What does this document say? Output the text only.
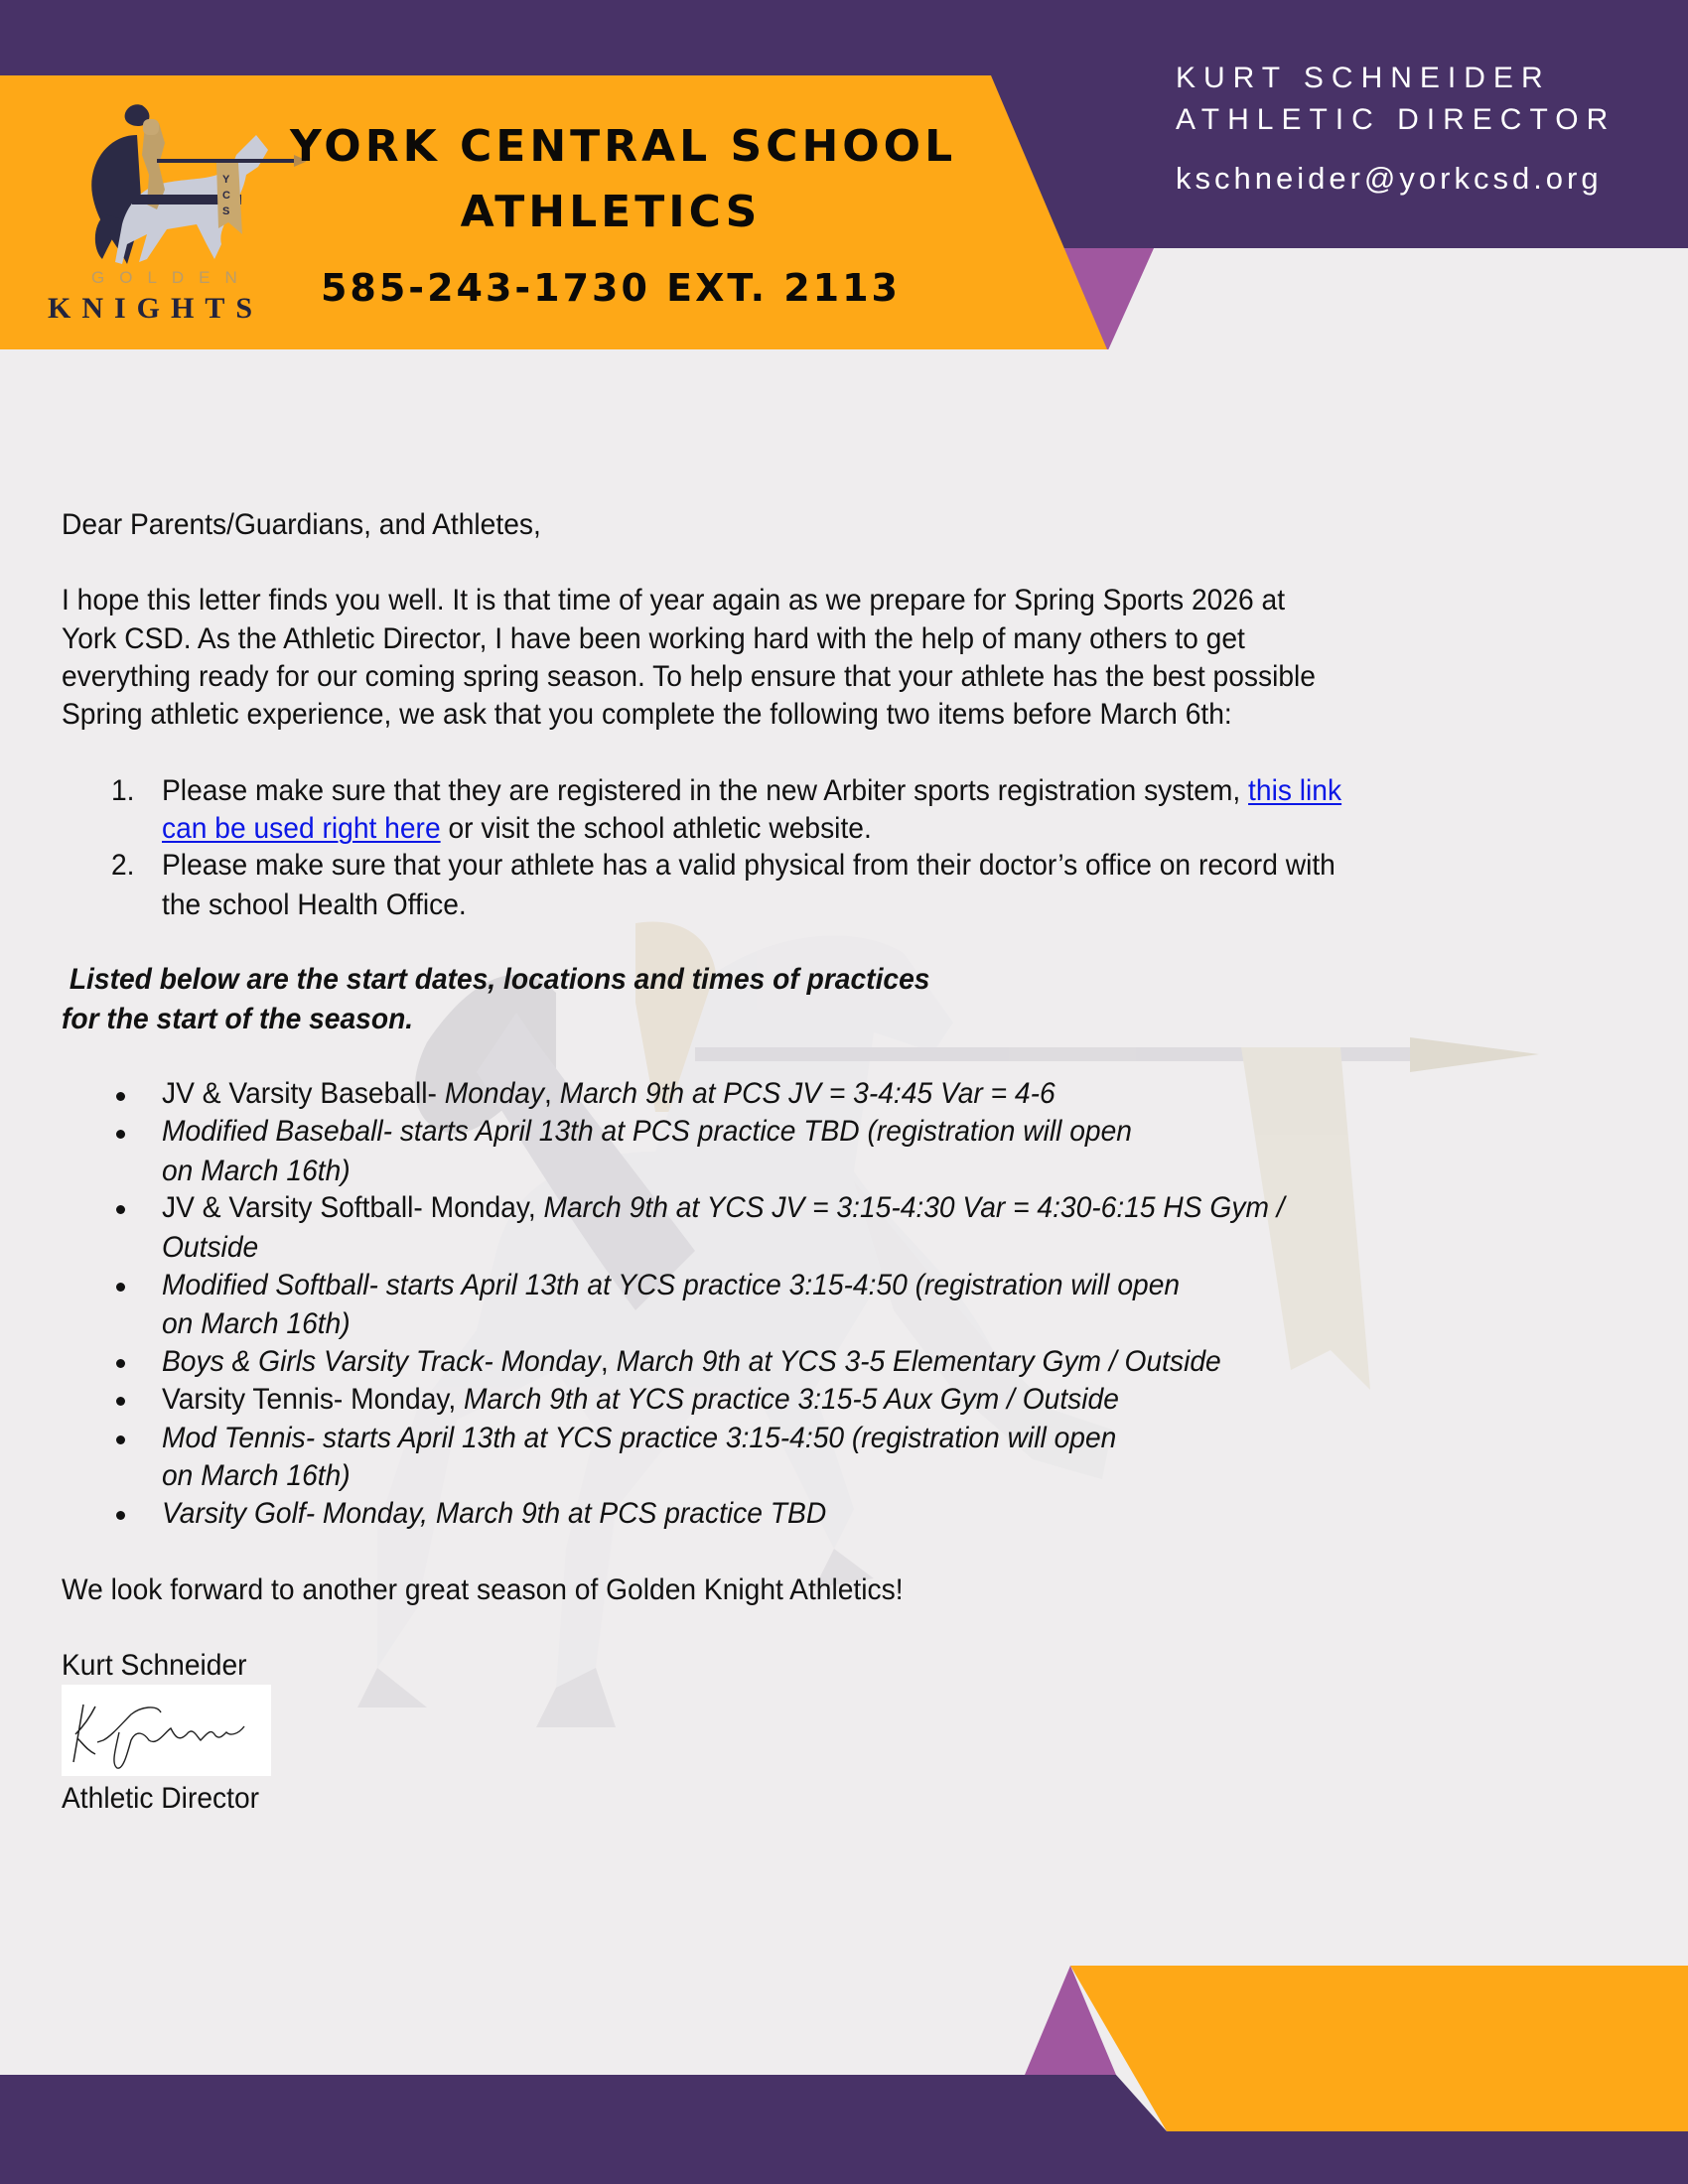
Y
C
S
GOLDEN
KNIGHTS
YORK CENTRAL SCHOOL
ATHLETICS
585-243-1730 EXT. 2113
KURT SCHNEIDER
ATHLETIC DIRECTOR
kschneider@yorkcsd.org
Dear Parents/Guardians, and Athletes,
I hope this letter finds you well. It is that time of year again as we prepare for Spring Sports 2026 at
York CSD. As the Athletic Director, I have been working hard with the help of many others to get
everything ready for our coming spring season. To help ensure that your athlete has the best possible
Spring athletic experience, we ask that you complete the following two items before March 6th:
1. Please make sure that they are registered in the new Arbiter sports registration system, this link
can be used right here or visit the school athletic website.
2. Please make sure that your athlete has a valid physical from their doctor’s office on record with
the school Health Office.
Listed below are the start dates, locations and times of practices
for the start of the season.
JV & Varsity Baseball- Monday, March 9th at PCS JV = 3-4:45 Var = 4-6
Modified Baseball- starts April 13th at PCS practice TBD (registration will open
on March 16th)
JV & Varsity Softball- Monday, March 9th at YCS JV = 3:15-4:30 Var = 4:30-6:15 HS Gym /
Outside
Modified Softball- starts April 13th at YCS practice 3:15-4:50 (registration will open
on March 16th)
Boys & Girls Varsity Track- Monday, March 9th at YCS 3-5 Elementary Gym / Outside
Varsity Tennis- Monday, March 9th at YCS practice 3:15-5 Aux Gym / Outside
Mod Tennis- starts April 13th at YCS practice 3:15-4:50 (registration will open
on March 16th)
Varsity Golf- Monday, March 9th at PCS practice TBD
We look forward to another great season of Golden Knight Athletics!
Kurt Schneider
Athletic Director
